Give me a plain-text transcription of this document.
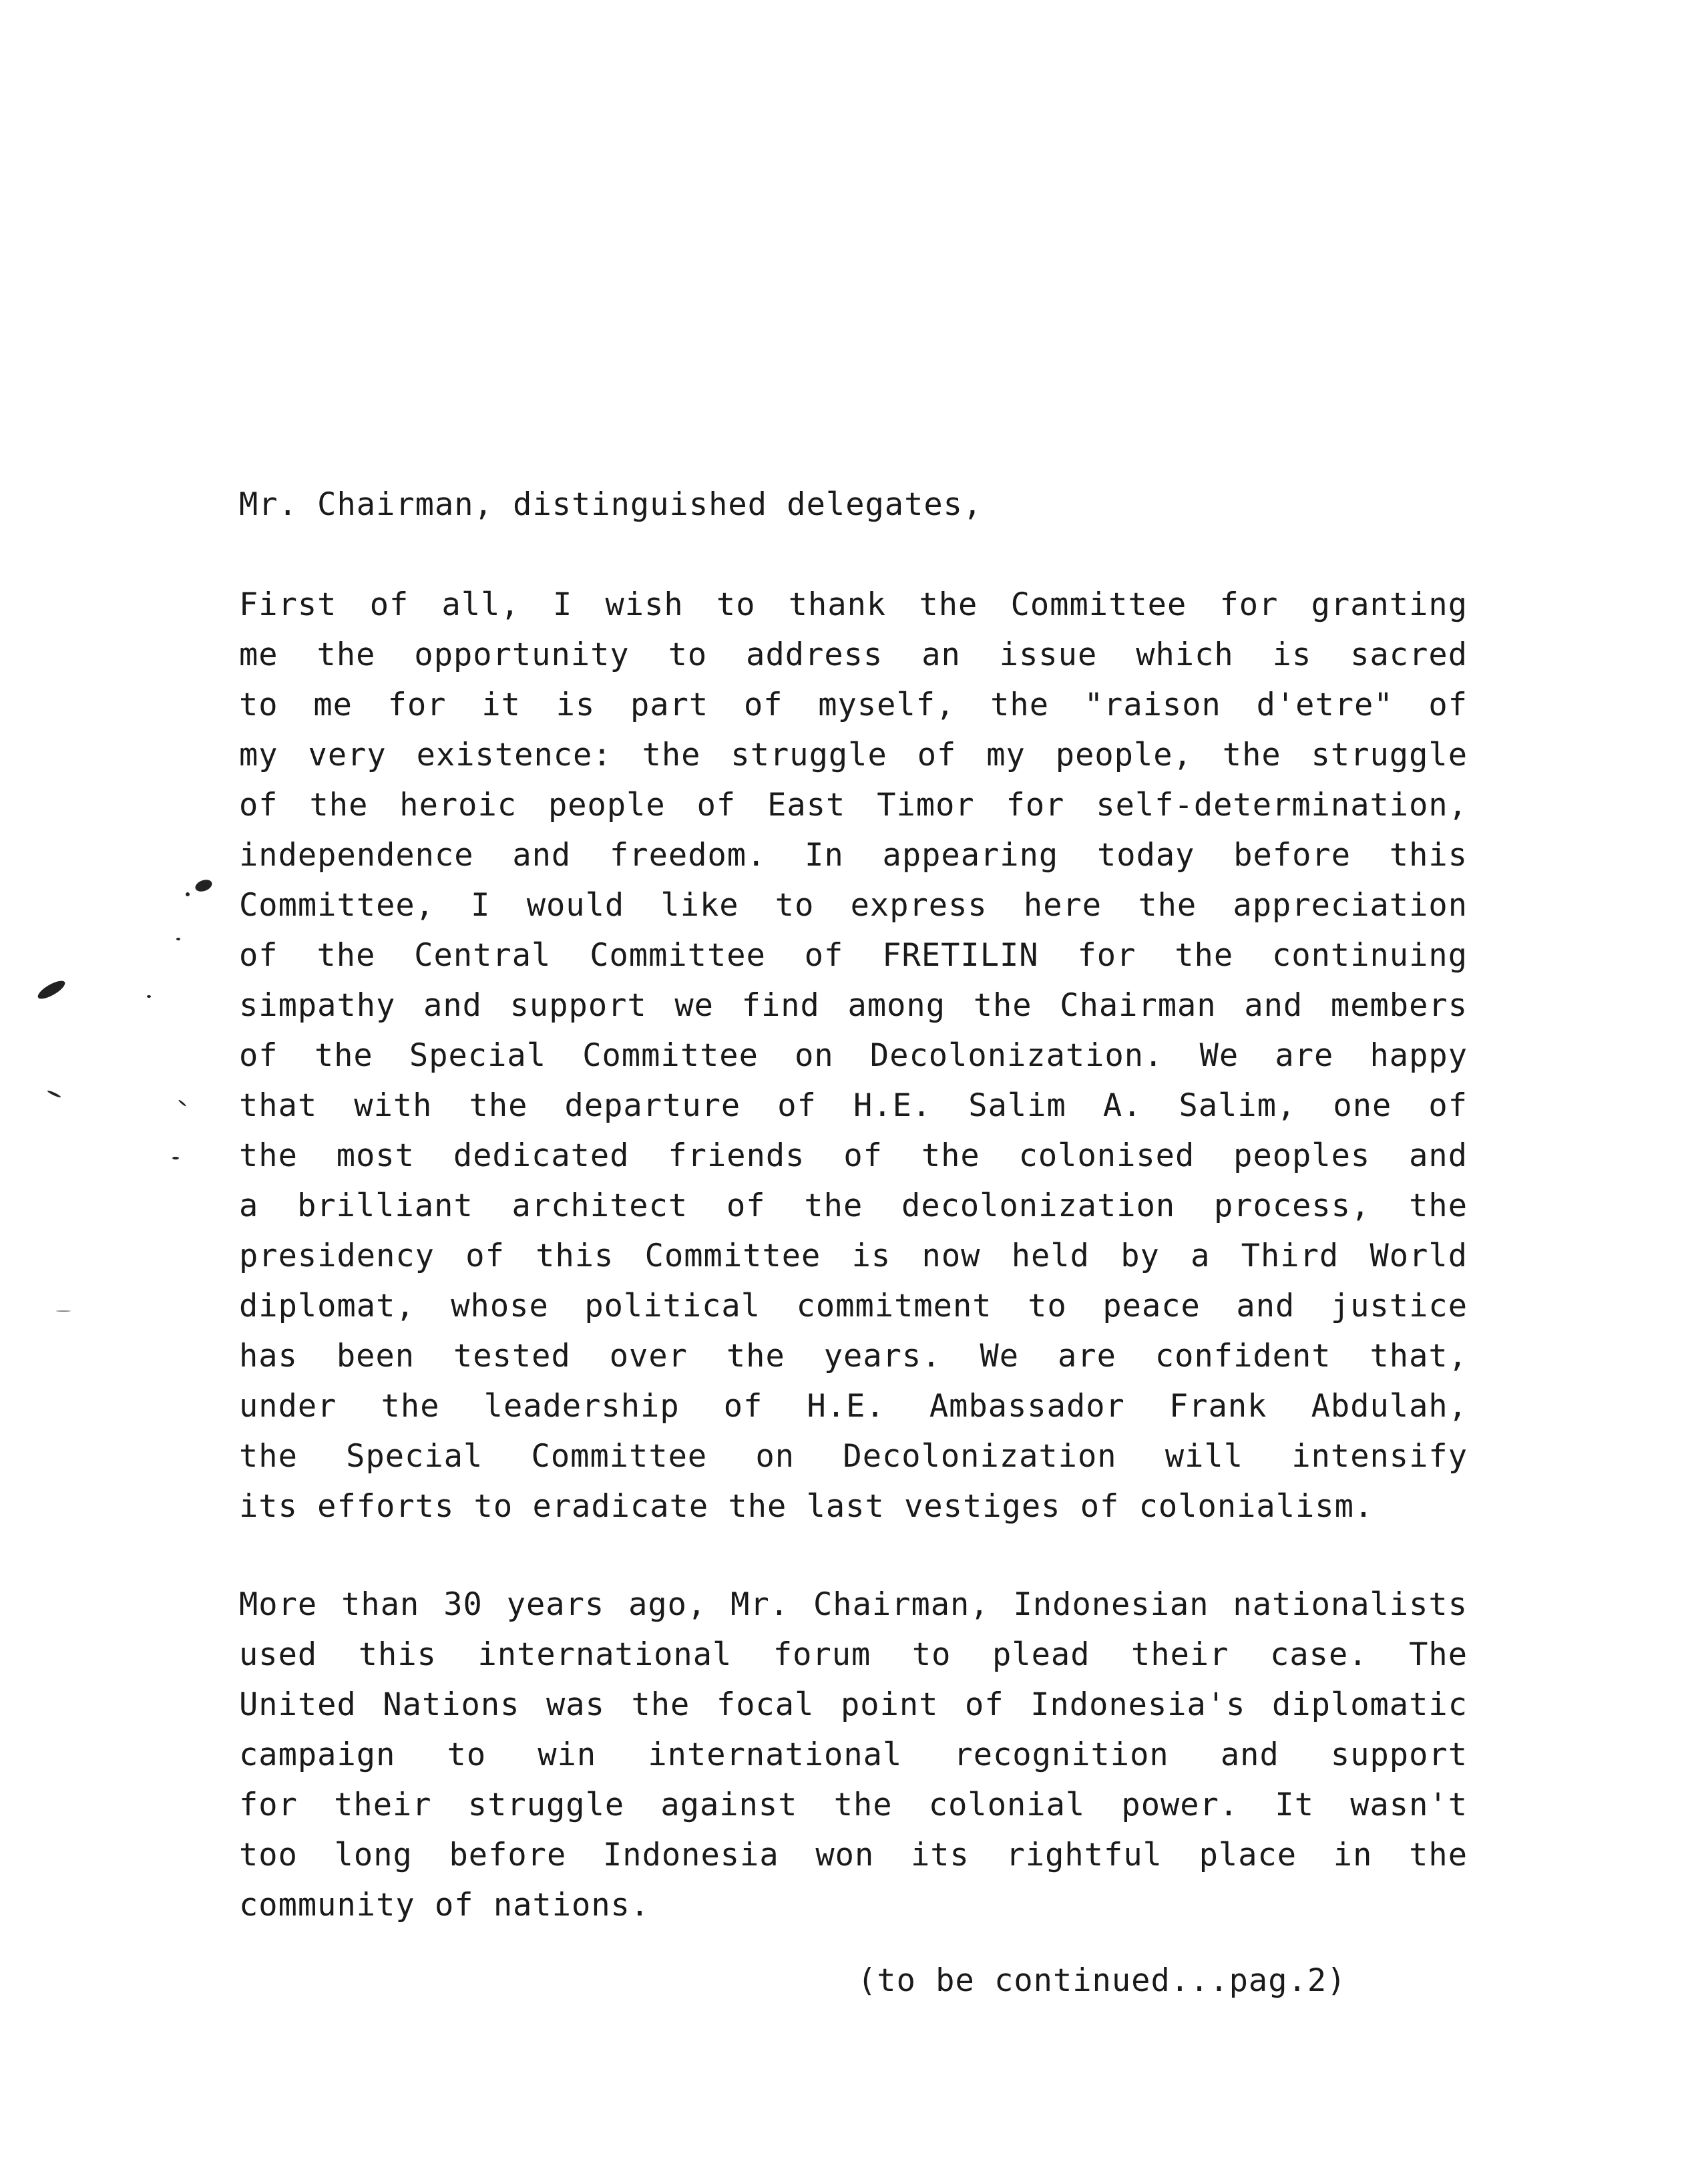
Mr. Chairman, distinguished delegates,
First of all, I wish to thank the Committee for granting
me the opportunity to address an issue which is sacred
to me for it is part of myself, the "raison d'etre" of
my very existence: the struggle of my people, the struggle
of the heroic people of East Timor for self-determination,
independence and freedom. In appearing today before this
Committee, I would like to express here the appreciation
of the Central Committee of FRETILIN for the continuing
simpathy and support we find among the Chairman and members
of the Special Committee on Decolonization. We are happy
that with the departure of H.E. Salim A. Salim, one of
the most dedicated friends of the colonised peoples and
a brilliant architect of the decolonization process, the
presidency of this Committee is now held by a Third World
diplomat, whose political commitment to peace and justice
has been tested over the years. We are confident that,
under the leadership of H.E. Ambassador Frank Abdulah,
the Special Committee on Decolonization will intensify
its efforts to eradicate the last vestiges of colonialism.
More than 30 years ago, Mr. Chairman, Indonesian nationalists
used this international forum to plead their case. The
United Nations was the focal point of Indonesia's diplomatic
campaign to win international recognition and support
for their struggle against the colonial power. It wasn't
too long before Indonesia won its rightful place in the
community of nations.
(to be continued...pag.2)
